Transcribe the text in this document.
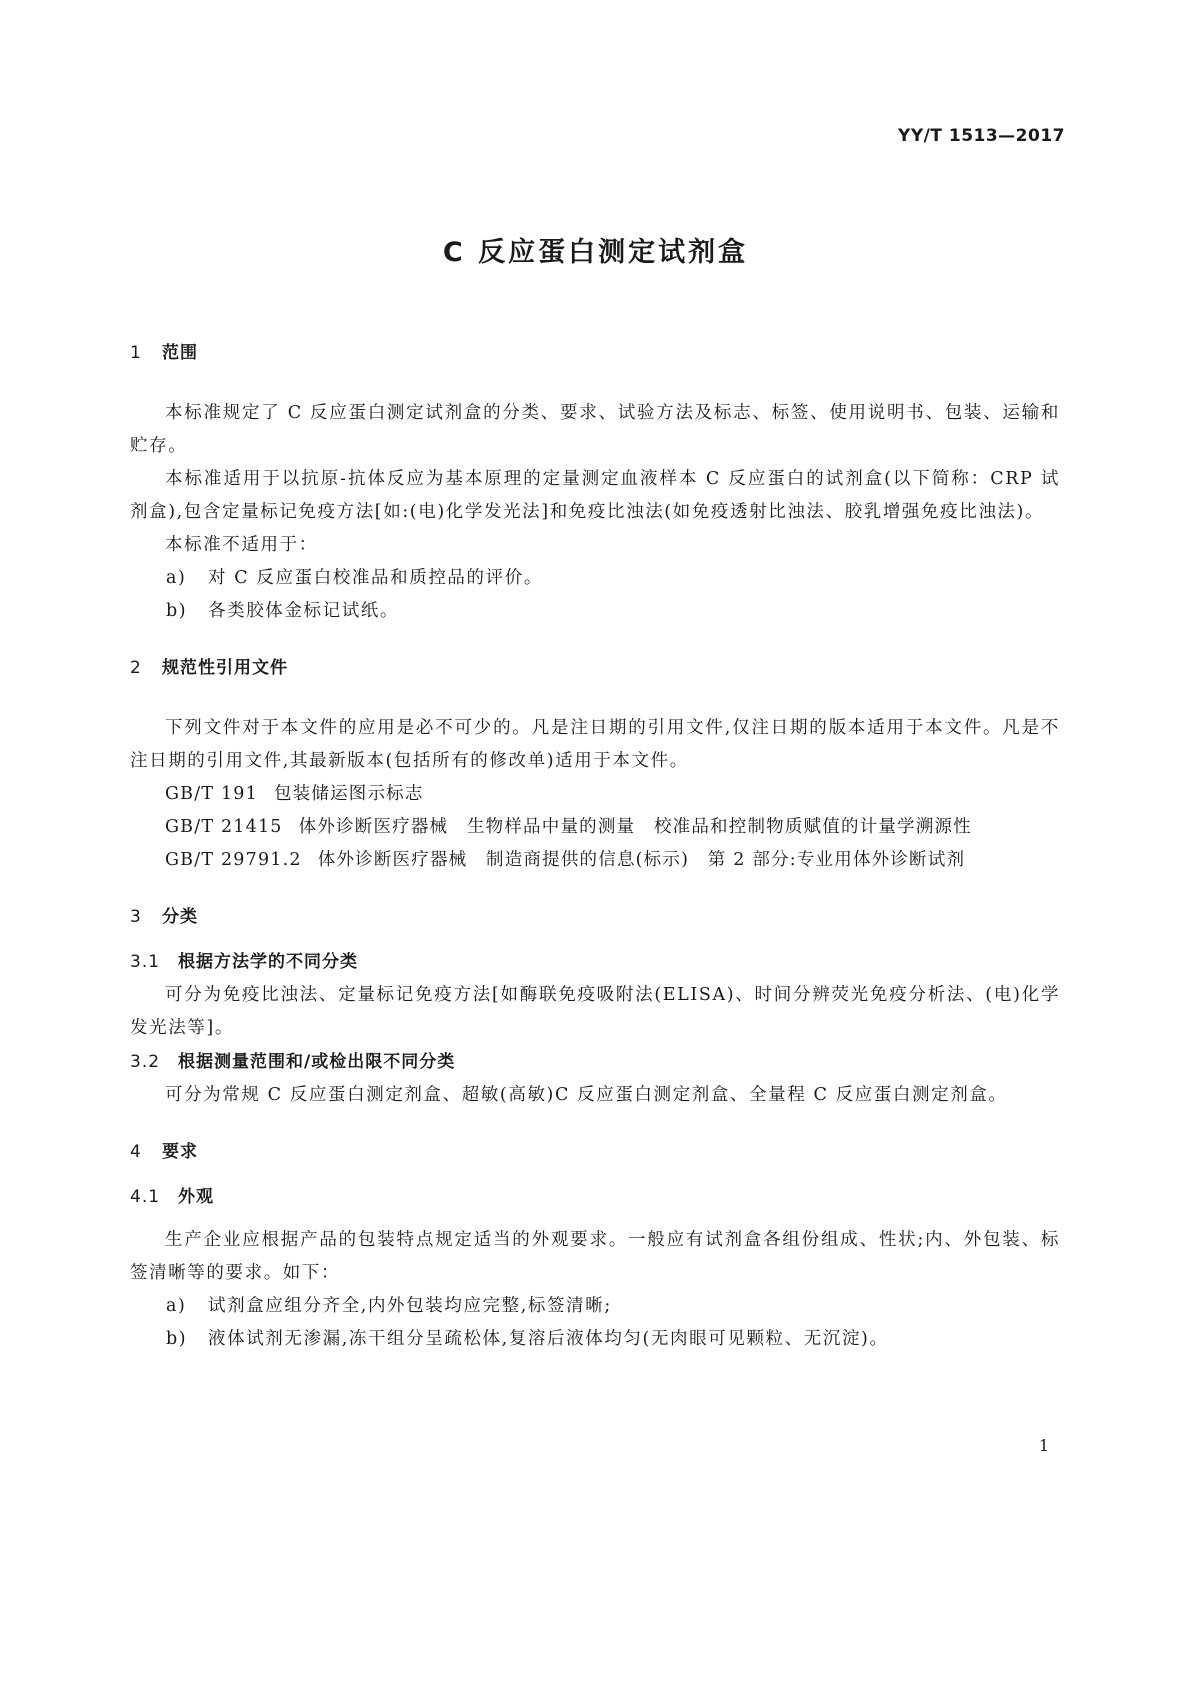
YY/T 1513—2017
C 反应蛋白测定试剂盒
1 范围

本标准规定了 C 反应蛋白测定试剂盒的分类、要求、试验方法及标志、标签、使用说明书、包装、运输和贮存。

本标准适用于以抗原-抗体反应为基本原理的定量测定血液样本 C 反应蛋白的试剂盒(以下简称：CRP 试剂盒),包含定量标记免疫方法[如:(电)化学发光法]和免疫比浊法(如免疫透射比浊法、胶乳增强免疫比浊法)。

本标准不适用于：

a) 对 C 反应蛋白校准品和质控品的评价。

b) 各类胶体金标记试纸。

2 规范性引用文件

下列文件对于本文件的应用是必不可少的。凡是注日期的引用文件,仅注日期的版本适用于本文件。凡是不注日期的引用文件,其最新版本(包括所有的修改单)适用于本文件。

GB/T 191 包装储运图示标志

GB/T 21415 体外诊断医疗器械　生物样品中量的测量　校准品和控制物质赋值的计量学溯源性

GB/T 29791.2 体外诊断医疗器械　制造商提供的信息(标示)　第 2 部分:专业用体外诊断试剂

3 分类
3.1 根据方法学的不同分类

可分为免疫比浊法、定量标记免疫方法[如酶联免疫吸附法(ELISA)、时间分辨荧光免疫分析法、(电)化学发光法等]。

3.2 根据测量范围和/或检出限不同分类

可分为常规 C 反应蛋白测定剂盒、超敏(高敏)C 反应蛋白测定剂盒、全量程 C 反应蛋白测定剂盒。

4 要求
4.1 外观

生产企业应根据产品的包装特点规定适当的外观要求。一般应有试剂盒各组份组成、性状;内、外包装、标签清晰等的要求。如下：

a) 试剂盒应组分齐全,内外包装均应完整,标签清晰;

b) 液体试剂无渗漏,冻干组分呈疏松体,复溶后液体均匀(无肉眼可见颗粒、无沉淀)。

1
